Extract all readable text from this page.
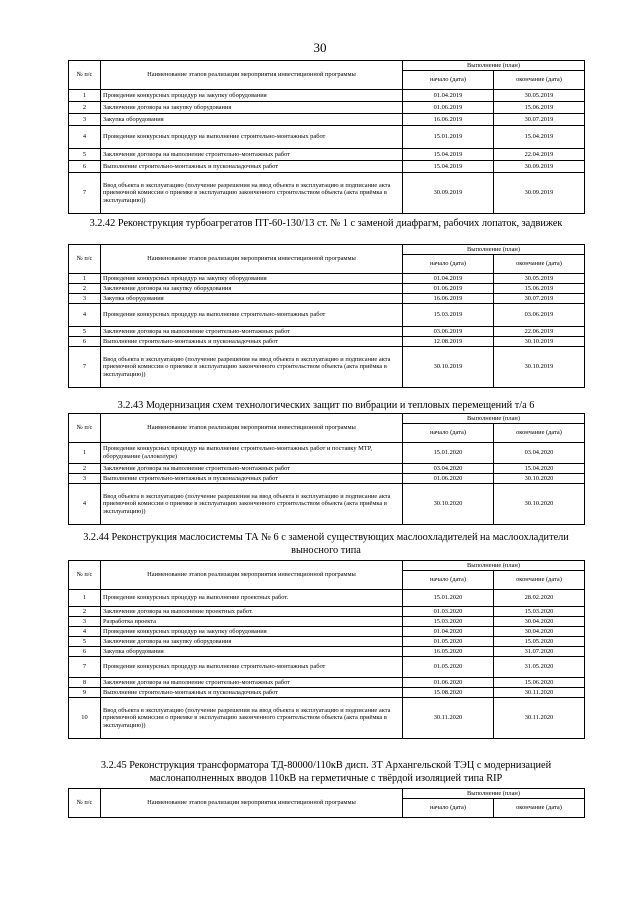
30
№ п/с	Наименование этапов реализации мероприятия инвестиционной программы	Выполнение (план)	
		начало (дата)	окончание (дата)
1	Проведение конкурсных процедур на закупку оборудования	01.04.2019	30.05.2019
2	Заключение договора на закупку оборудования	01.06.2019	15.06.2019
3	Закупка оборудования	16.06.2019	30.07.2019
4	Проведение конкурсных процедур на выполнение строительно-монтажных работ	15.01.2019	15.04.2019
5	Заключение договора на выполнение строительно-монтажных работ	15.04.2019	22.04.2019
6	Выполнение строительно-монтажных и пусконаладочных работ	15.04.2019	30.09.2019
7	Ввод объекта в эксплуатацию (получение разрешения на ввод объекта в эксплуатацию и подписание акта приемочной комиссии о приемке в эксплуатацию законченного строительством объекта (акта приёмка в эксплуатацию))	30.09.2019	30.09.2019
3.2.42 Реконструкция турбоагрегатов ПТ-60-130/13 ст. № 1 с заменой диафрагм, рабочих лопаток, задвижек
№ п/с	Наименование этапов реализации мероприятия инвестиционной программы	Выполнение (план)	
		начало (дата)	окончание (дата)
1	Проведение конкурсных процедур на закупку оборудования	01.04.2019	30.05.2019
2	Заключение договора на закупку оборудования	01.06.2019	15.06.2019
3	Закупка оборудования	16.06.2019	30.07.2019
4	Проведение конкурсных процедур на выполнение строительно-монтажных работ	15.03.2019	03.06.2019
5	Заключение договора на выполнение строительно-монтажных работ	03.06.2019	22.06.2019
6	Выполнение строительно-монтажных и пусконаладочных работ	12.08.2019	30.10.2019
7	Ввод объекта в эксплуатацию (получение разрешения на ввод объекта в эксплуатацию и подписание акта приемочной комиссии о приемке в эксплуатацию законченного строительством объекта (акта приёмка в эксплуатацию))	30.10.2019	30.10.2019
3.2.43 Модернизация схем технологических защит по вибрации и тепловых перемещений т/а 6
№ п/с	Наименование этапов реализации мероприятия инвестиционной программы	Выполнение (план)	
		начало (дата)	окончание (дата)
1	Проведение конкурсных процедур на выполнение строительно-монтажных работ и поставку МТР, оборудование (аллоколуре)	15.01.2020	03.04.2020
2	Заключение договора на выполнение строительно-монтажных работ	03.04.2020	15.04.2020
3	Выполнение строительно-монтажных и пусконаладочных работ	01.06.2020	30.10.2020
4	Ввод объекта в эксплуатацию (получение разрешения на ввод объекта в эксплуатацию и подписание акта приемочной комиссии о приемке в эксплуатацию законченного строительством объекта (акта приёмка в эксплуатацию))	30.10.2020	30.10.2020
3.2.44 Реконструкция маслосистемы ТА № 6 с заменой существующих маслоохладителей на маслоохладители выносного типа
№ п/с	Наименование этапов реализации мероприятия инвестиционной программы	Выполнение (план)	
		начало (дата)	окончание (дата)
1	Проведение конкурсных процедур на выполнение проектных работ.	15.01.2020	28.02.2020
2	Заключение договора на выполнение проектных работ.	01.03.2020	15.03.2020
3	Разработка проекта	15.03.2020	30.04.2020
4	Проведение конкурсных процедур на закупку оборудования	01.04.2020	30.04.2020
5	Заключение договора на закупку оборудования	01.05.2020	15.05.2020
6	Закупка оборудования	16.05.2020	31.07.2020
7	Проведение конкурсных процедур на выполнение строительно-монтажных работ	01.05.2020	31.05.2020
8	Заключение договора на выполнение строительно-монтажных работ	01.06.2020	15.06.2020
9	Выполнение строительно-монтажных и пусконаладочных работ	15.08.2020	30.11.2020
10	Ввод объекта в эксплуатацию (получение разрешения на ввод объекта в эксплуатацию и подписание акта приемочной комиссии о приемке в эксплуатацию законченного строительством объекта (акта приёмка в эксплуатацию))	30.11.2020	30.11.2020
3.2.45 Реконструкция трансформатора ТД-80000/110кВ дисп. 3Т Архангельской ТЭЦ с модернизацией маслонаполненных вводов 110кВ на герметичные с твёрдой изоляцией типа RIP
№ п/с	Наименование этапов реализации мероприятия инвестиционной программы	Выполнение (план)	
		начало (дата)	окончание (дата)
